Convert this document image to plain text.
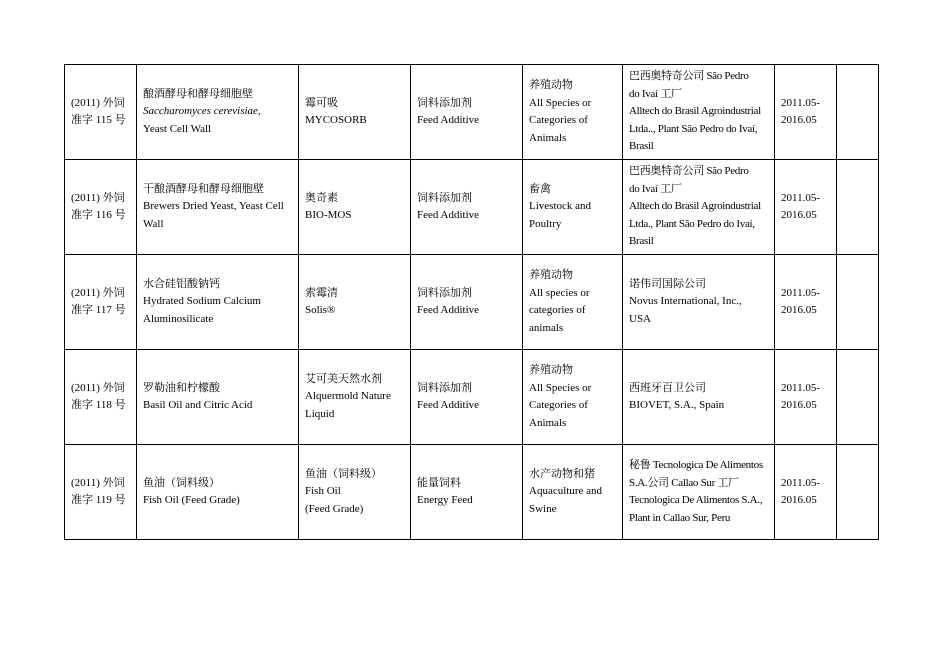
(2011) 外饲
准字 115 号	酿酒酵母和酵母细胞壁
Saccharomyces cerevisiae,
Yeast Cell Wall	霉可吸
MYCOSORB	饲料添加剂
Feed Additive	养殖动物
All Species or
Categories of
Animals	巴西奥特奇公司 São Pedro
do Ivaí 工厂
Alltech do Brasil Agroindustrial
Ltda.., Plant São Pedro do Ivaí,
Brasil	2011.05-
2016.05	

(2011) 外饲
准字 116 号	干酿酒酵母和酵母细胞壁
Brewers Dried Yeast, Yeast Cell Wall	奥奇素
BIO-MOS	饲料添加剂
Feed Additive	畜禽
Livestock and
Poultry	巴西奥特奇公司 São Pedro
do Ivaí 工厂
Alltech do Brasil Agroindustrial
Ltda., Plant São Pedro do Ivaí,
Brasil	2011.05-
2016.05	

(2011) 外饲
准字 117 号	水合硅铝酸钠钙
Hydrated Sodium Calcium Aluminosilicate	索霉清
Solis®	饲料添加剂
Feed Additive	养殖动物
All species or
categories of
animals	诺伟司国际公司
Novus International, Inc.,
USA	2011.05-
2016.05	

(2011) 外饲
准字 118 号	罗勒油和柠檬酸
Basil Oil and Citric Acid	艾可美天然水剂
Alquermold Nature Liquid	饲料添加剂
Feed Additive	养殖动物
All Species or
Categories of
Animals	西班牙百卫公司
BIOVET, S.A., Spain	2011.05-
2016.05	

(2011) 外饲
准字 119 号	鱼油（饲料级）
Fish Oil (Feed Grade)	鱼油（饲料级）
Fish Oil
(Feed Grade)	能量饲料
Energy Feed	水产动物和猪
Aquaculture and
Swine	秘鲁 Tecnologica De Alimentos
S.A.公司 Callao Sur 工厂
Tecnologica De Alimentos S.A.,
Plant in Callao Sur, Peru	2011.05-
2016.05	
